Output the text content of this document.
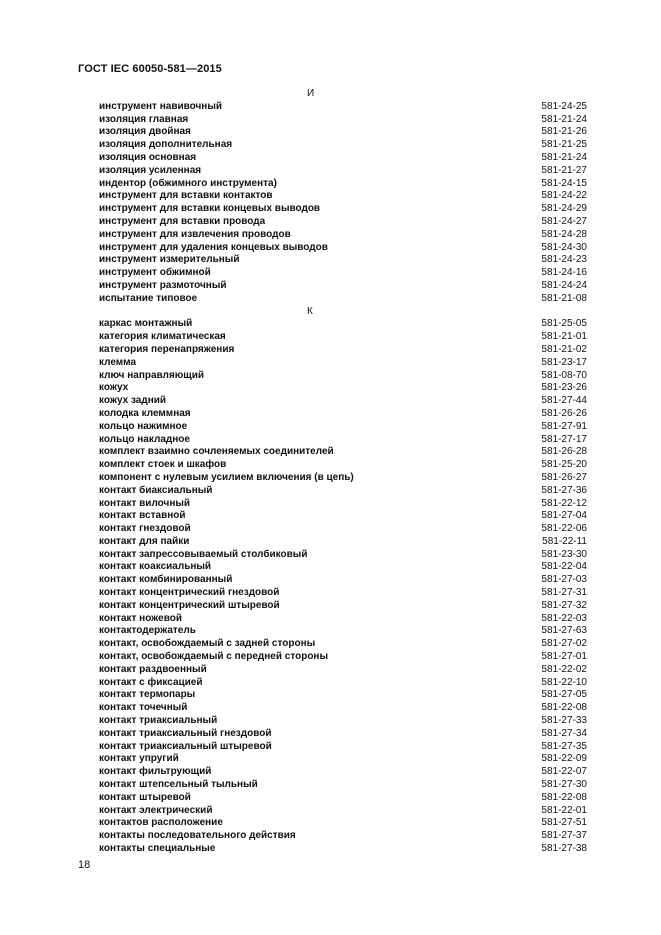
ГОСТ IEC 60050-581—2015
И
инструмент навивочный	581-24-25
изоляция главная	581-21-24
изоляция двойная	581-21-26
изоляция дополнительная	581-21-25
изоляция основная	581-21-24
изоляция усиленная	581-21-27
индентор (обжимного инструмента)	581-24-15
инструмент для вставки контактов	581-24-22
инструмент для вставки концевых выводов	581-24-29
инструмент для вставки провода	581-24-27
инструмент для извлечения проводов	581-24-28
инструмент для удаления концевых выводов	581-24-30
инструмент измерительный	581-24-23
инструмент обжимной	581-24-16
инструмент размоточный	581-24-24
испытание типовое	581-21-08
К
каркас монтажный	581-25-05
категория климатическая	581-21-01
категория перенапряжения	581-21-02
клемма	581-23-17
ключ направляющий	581-08-70
кожух	581-23-26
кожух задний	581-27-44
колодка клеммная	581-26-26
кольцо нажимное	581-27-91
кольцо накладное	581-27-17
комплект взаимно сочленяемых соединителей	581-26-28
комплект стоек и шкафов	581-25-20
компонент с нулевым усилием включения (в цепь)	581-26-27
контакт биаксиальный	581-27-36
контакт вилочный	581-22-12
контакт вставной	581-27-04
контакт гнездовой	581-22-06
контакт для пайки	581-22-11
контакт запрессовываемый столбиковый	581-23-30
контакт коаксиальный	581-22-04
контакт комбинированный	581-27-03
контакт концентрический гнездовой	581-27-31
контакт концентрический штыревой	581-27-32
контакт ножевой	581-22-03
контактодержатель	581-27-63
контакт, освобождаемый с задней стороны	581-27-02
контакт, освобождаемый с передней стороны	581-27-01
контакт раздвоенный	581-22-02
контакт с фиксацией	581-22-10
контакт термопары	581-27-05
контакт точечный	581-22-08
контакт триаксиальный	581-27-33
контакт триаксиальный гнездовой	581-27-34
контакт триаксиальный штыревой	581-27-35
контакт упругий	581-22-09
контакт фильтрующий	581-22-07
контакт штепсельный тыльный	581-27-30
контакт штыревой	581-22-08
контакт электрический	581-22-01
контактов расположение	581-27-51
контакты последовательного действия	581-27-37
контакты специальные	581-27-38
18
